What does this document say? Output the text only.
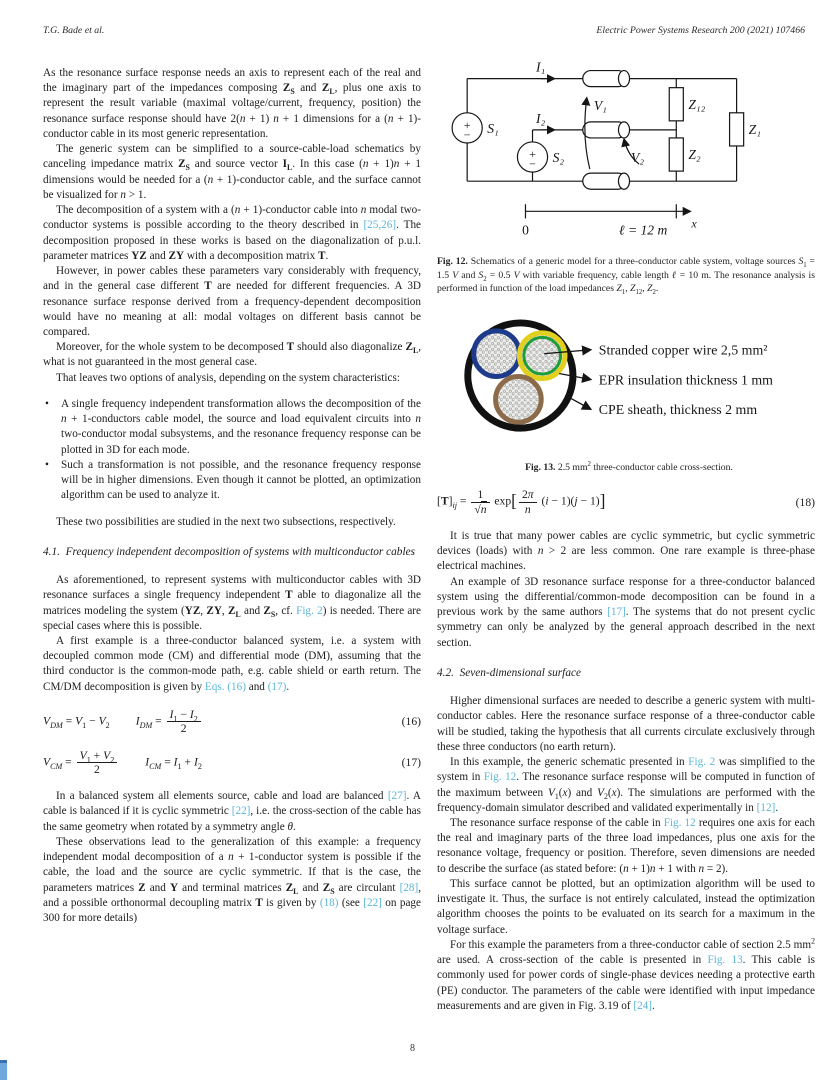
T.G. Bade et al.	Electric Power Systems Research 200 (2021) 107466

As the resonance surface response needs an axis to represent each of the real and the imaginary part of the impedances composing $Z_S$ and $Z_L$, plus one axis to represent the result variable (maximal voltage/current, frequency, position) the resonance surface response should have 2(n + 1) n + 1 dimensions for a (n + 1)-conductor cable in its most generic representation.

The generic system can be simplified to a source-cable-load schematics by canceling impedance matrix $Z_S$ and source vector $I_L$. In this case (n + 1)n + 1 dimensions would be needed for a (n + 1)-conductor cable, and the surface cannot be visualized for n > 1.

The decomposition of a system with a (n + 1)-conductor cable into n modal two-conductor systems is possible according to the theory described in [25,26]. The decomposition proposed in these works is based on the diagonalization of p.u.l. parameter matrices YZ and ZY with a decomposition matrix T.

However, in power cables these parameters vary considerably with frequency, and in the general case different T are needed for different frequencies. A 3D resonance surface response derived from a frequency-dependent decomposition would have no meaning at all: modal voltages on different basis cannot be compared.

Moreover, for the whole system to be decomposed T should also diagonalize $Z_L$, what is not guaranteed in the most general case.

That leaves two options of analysis, depending on the system characteristics:

•	A single frequency independent transformation allows the decomposition of the n + 1-conductors cable model, the source and load equivalent circuits into n two-conductor modal subsystems, and the resonance frequency response can be plotted in 3D for each mode.
•	Such a transformation is not possible, and the resonance frequency response will be in higher dimensions. Even though it cannot be plotted, an optimization algorithm can be used to analyze it.

These two possibilities are studied in the next two subsections, respectively.

4.1. Frequency independent decomposition of systems with multiconductor cables

As aforementioned, to represent systems with multiconductor cables with 3D resonance surfaces a single frequency independent T able to diagonalize all the matrices modeling the system (YZ, ZY, $Z_L$ and $Z_S$, cf. Fig. 2) is needed. There are special cases where this is possible.

A first example is a three-conductor balanced system, i.e. a system with decoupled common mode (CM) and differential mode (DM), assuming that the third conductor is the common-mode path, e.g. cable shield or earth return. The CM/DM decomposition is given by Eqs. (16) and (17).

$V_{DM} = V_1 - V_2$ $I_{DM} = \frac{I_1 - I_2}{2}$	(16)
$V_{CM} = \frac{V_1 + V_2}{2} I_{CM} = I_1 + I_2$	(17)

In a balanced system all elements source, cable and load are balanced [27]. A cable is balanced if it is cyclic symmetric [22], i.e. the cross-section of the cable has the same geometry when rotated by a symmetry angle θ.

These observations lead to the generalization of this example: a frequency independent modal decomposition of a n + 1-conductor system is possible if the cable, the load and the source are cyclic symmetric. If that is the case, the parameters matrices Z and Y and terminal matrices $Z_L$ and $Z_S$ are circulant [28], and a possible orthonormal decoupling matrix T is given by (18) (see [22] on page 300 for more details)

+
−
+
−
I₁
I₂
V₁
V₂
S₁
S₂
Z₁₂
Z₂
Z₁
ℓ = 12 m x
0
Fig. 12. Schematics of a generic model for a three-conductor cable system, voltage sources $S_1 = 1.5$ V and $S_2 = 0.5$ V with variable frequency, cable length ℓ = 10 m. The resonance analysis is performed in function of the load impedances $Z_1$, $Z_{12}$, $Z_2$.
Stranded copper wire 2,5 mm²
EPR insulation thickness 1 mm
CPE sheath, thickness 2 mm
Fig. 13. 2.5 $mm^2$ three-conductor cable cross-section.
$[T]_{ij} = \frac{1}{√n} \exp[ \frac{2\pi}{n} (i - 1)(j - 1)]$	(18)

It is true that many power cables are cyclic symmetric, but cyclic symmetric devices (loads) with n > 2 are less common. One rare example is three-phase electrical machines.

An example of 3D resonance surface response for a three-conductor balanced system using the differential/common-mode decomposition can be found in a previous work by the same authors [17]. The systems that do not present cyclic symmetry can only be analyzed by the general approach described in the next section.

4.2. Seven-dimensional surface

Higher dimensional surfaces are needed to describe a generic system with multi-conductor cables. Here the resonance surface response of a three-conductor cable will be studied, taking the hypothesis that all currents circulate exclusively through these three conductors (no earth return).

In this example, the generic schematic presented in Fig. 2 was simplified to the system in Fig. 12. The resonance surface response will be computed in function of the maximum between $V_1(x)$ and $V_2(x)$. The simulations are performed with the frequency-domain simulator described and validated experimentally in [12].

The resonance surface response of the cable in Fig. 12 requires one axis for each the real and imaginary parts of the three load impedances, plus one axis for the resonance voltage, frequency or position. Therefore, seven dimensions are needed to describe the surface (as stated before: (n + 1)n + 1 with n = 2).

This surface cannot be plotted, but an optimization algorithm will be used to investigate it. Thus, the surface is not entirely calculated, instead the optimization algorithm chooses the points to be evaluated on its search for a maximum in the voltage surface.

For this example the parameters from a three-conductor cable of section 2.5 $mm^2$ are used. A cross-section of the cable is presented in Fig. 13. This cable is commonly used for power cords of single-phase devices needing a protective earth (PE) conductor. The parameters of the cable were identified with input impedance measurements and are given in Fig. 3.19 of [24].

8
